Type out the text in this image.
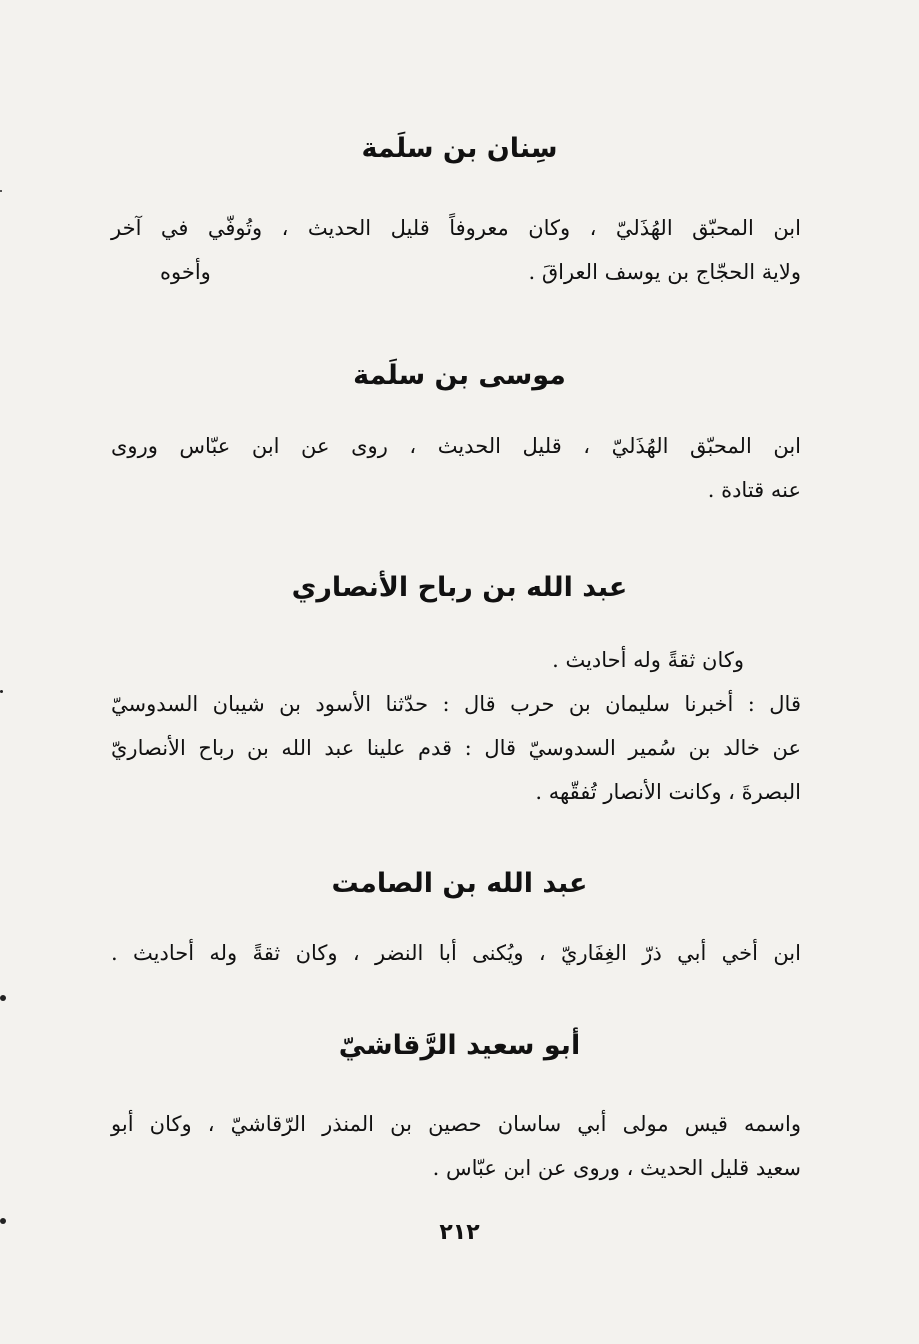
سِنان بن سلَمة
ابن المحبّق الهُذَليّ ، وكان معروفاً قليل الحديث ، وتُوفّي في آخر
ولاية الحجّاج بن يوسف العراقَ .
وأخوه
موسى بن سلَمة
ابن المحبّق الهُذَليّ ، قليل الحديث ، روى عن ابن عبّاس وروى
عنه قتادة .
عبد الله بن رباح الأنصاري
وكان ثقةً وله أحاديث .
قال : أخبرنا سليمان بن حرب قال : حدّثنا الأسود بن شيبان السدوسيّ
عن خالد بن سُمير السدوسيّ قال : قدم علينا عبد الله بن رباح الأنصاريّ
البصرةَ ، وكانت الأنصار تُفقّهه .
عبد الله بن الصامت
ابن أخي أبي ذرّ الغِفَاريّ ، ويُكنى أبا النضر ، وكان ثقةً وله أحاديث .
أبو سعيد الرَّقاشيّ
واسمه قيس مولى أبي ساسان حصين بن المنذر الرّقاشيّ ، وكان أبو
سعيد قليل الحديث ، وروى عن ابن عبّاس .
٢١٢
